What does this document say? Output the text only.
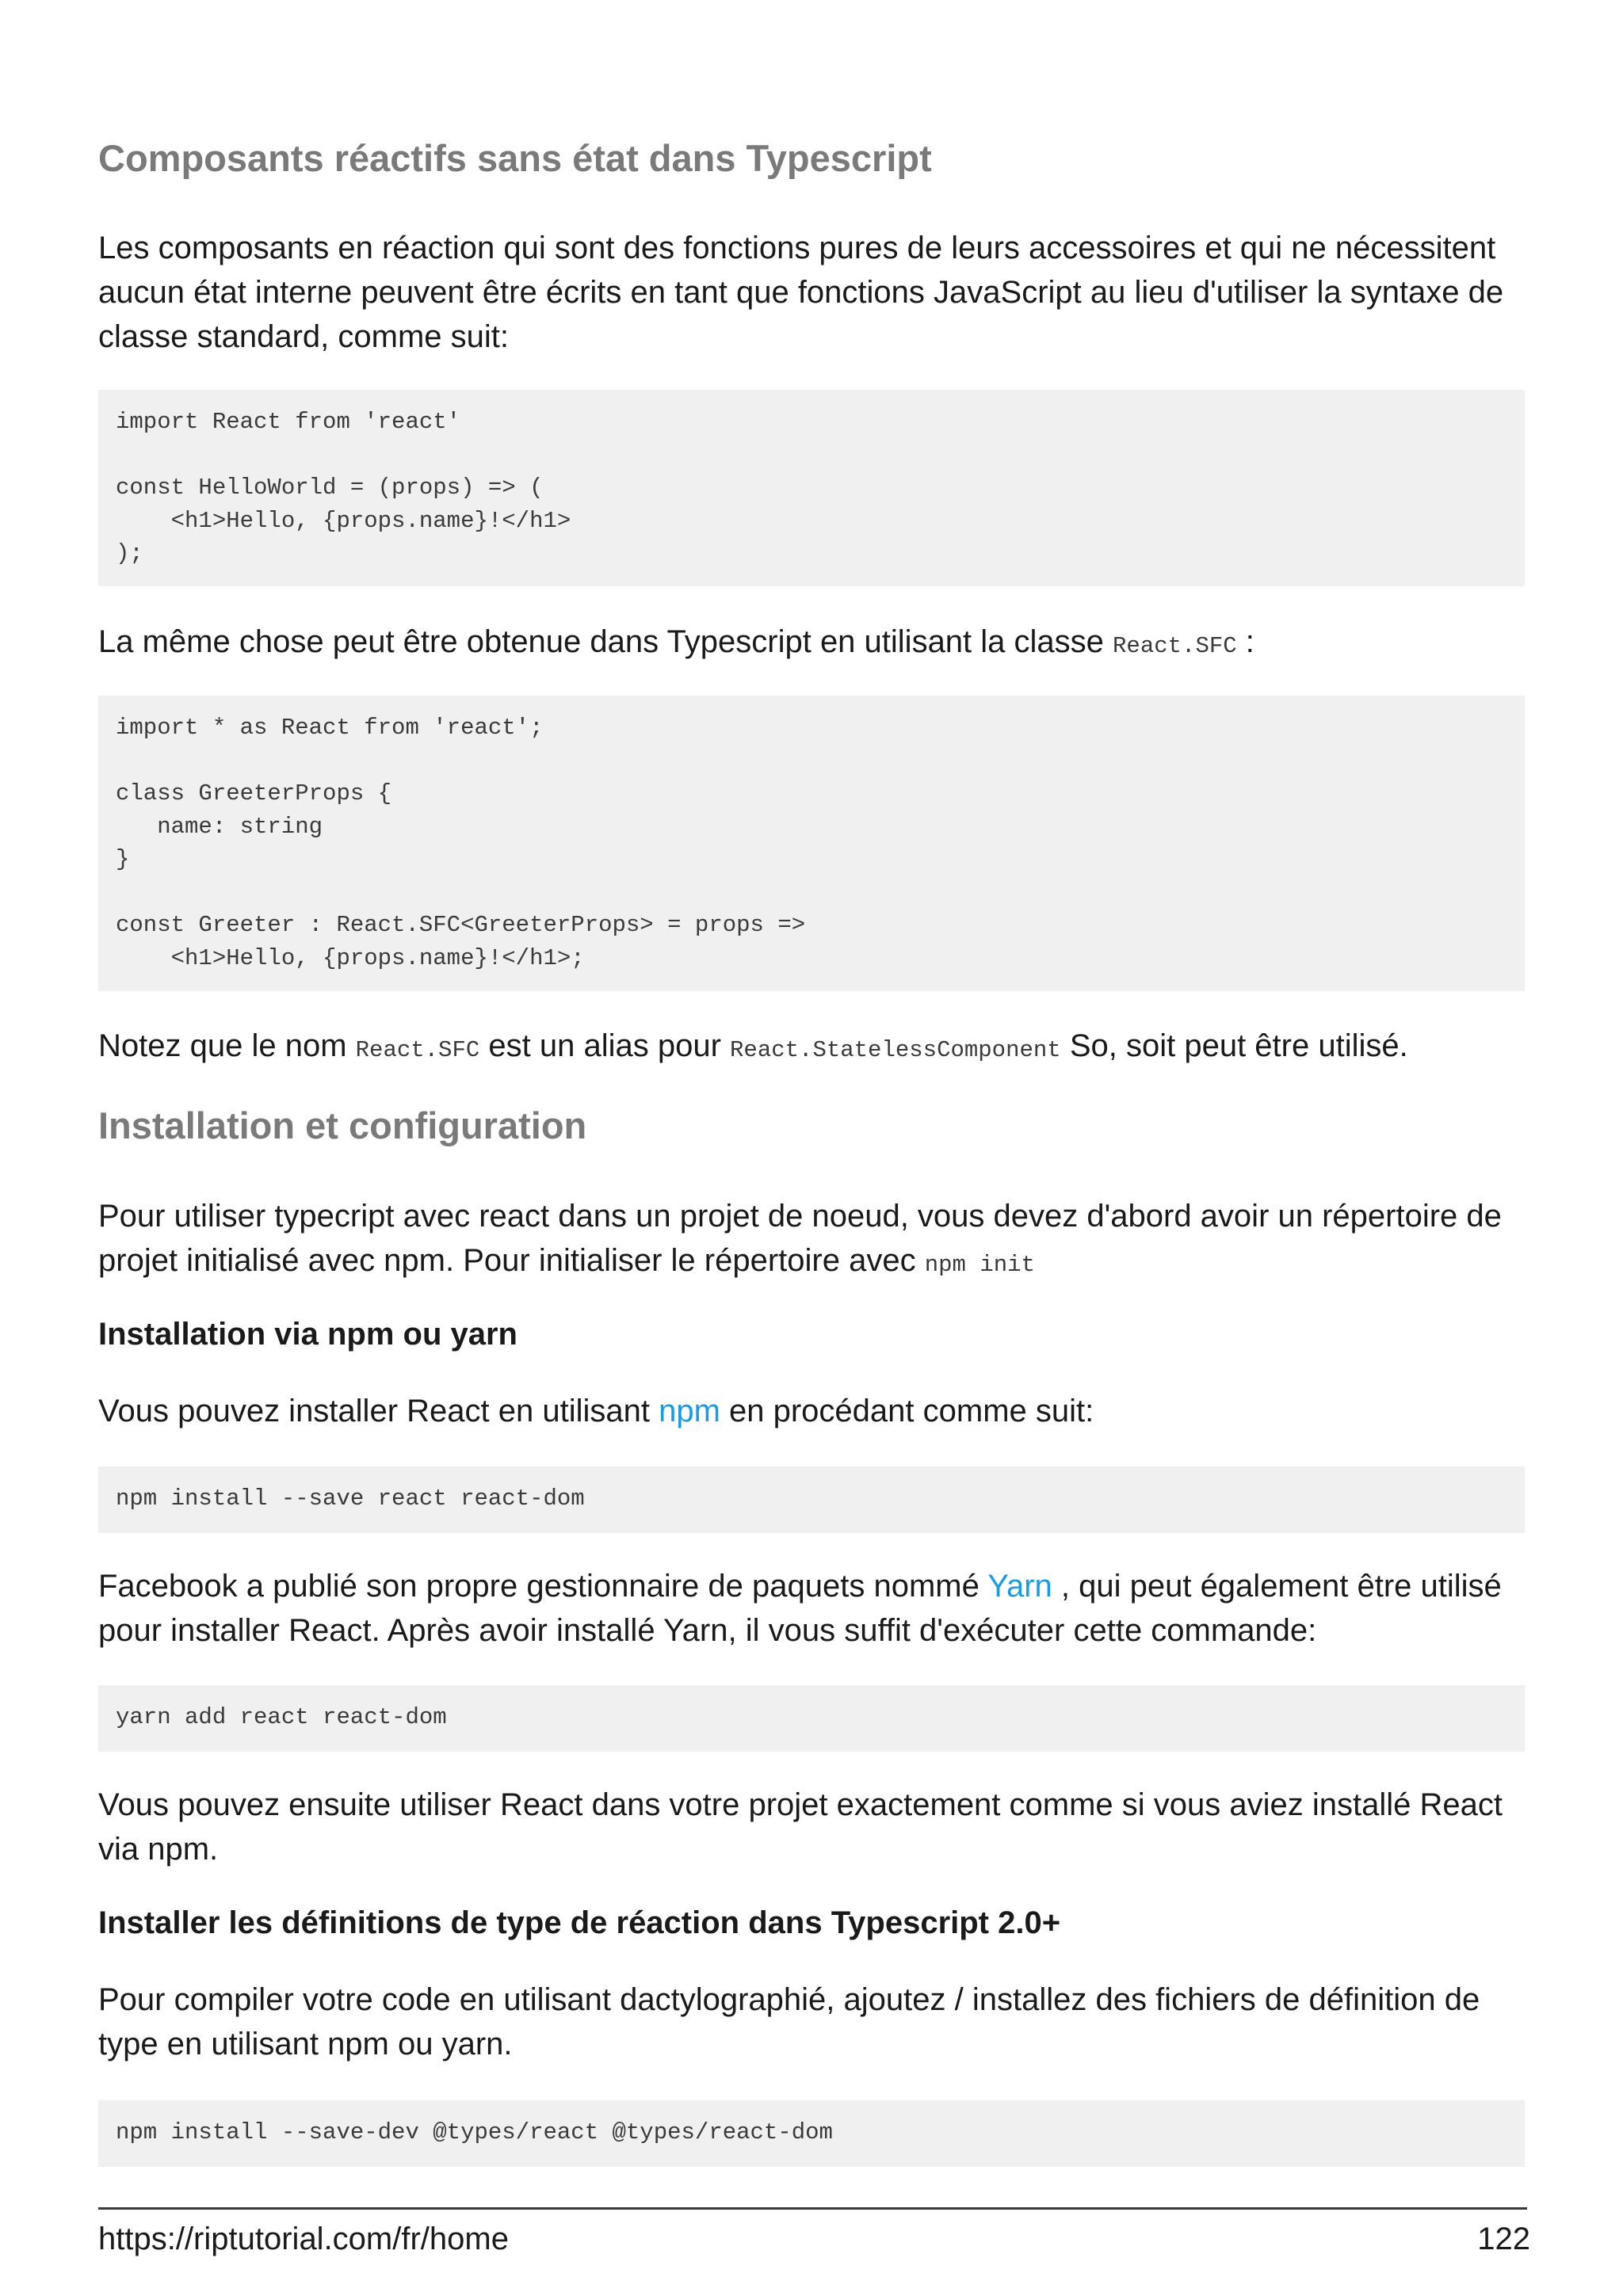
Composants réactifs sans état dans Typescript

Les composants en réaction qui sont des fonctions pures de leurs accessoires et qui ne nécessitent aucun état interne peuvent être écrits en tant que fonctions JavaScript au lieu d'utiliser la syntaxe de classe standard, comme suit:

import React from 'react'

const HelloWorld = (props) => (
<h1>Hello, {props.name}!</h1>
);

La même chose peut être obtenue dans Typescript en utilisant la classe React.SFC :

import * as React from 'react';

class GreeterProps {
name: string
}

const Greeter : React.SFC<GreeterProps> = props =>
<h1>Hello, {props.name}!</h1>;

Notez que le nom React.SFC est un alias pour React.StatelessComponent So, soit peut être utilisé.

Installation et configuration

Pour utiliser typecript avec react dans un projet de noeud, vous devez d'abord avoir un répertoire de projet initialisé avec npm. Pour initialiser le répertoire avec npm init

Installation via npm ou yarn

Vous pouvez installer React en utilisant npm en procédant comme suit:

npm install --save react react-dom

Facebook a publié son propre gestionnaire de paquets nommé Yarn , qui peut également être utilisé pour installer React. Après avoir installé Yarn, il vous suffit d'exécuter cette commande:

yarn add react react-dom

Vous pouvez ensuite utiliser React dans votre projet exactement comme si vous aviez installé React via npm.

Installer les définitions de type de réaction dans Typescript 2.0+

Pour compiler votre code en utilisant dactylographié, ajoutez / installez des fichiers de définition de type en utilisant npm ou yarn.

npm install --save-dev @types/react @types/react-dom
https://riptutorial.com/fr/home	122
